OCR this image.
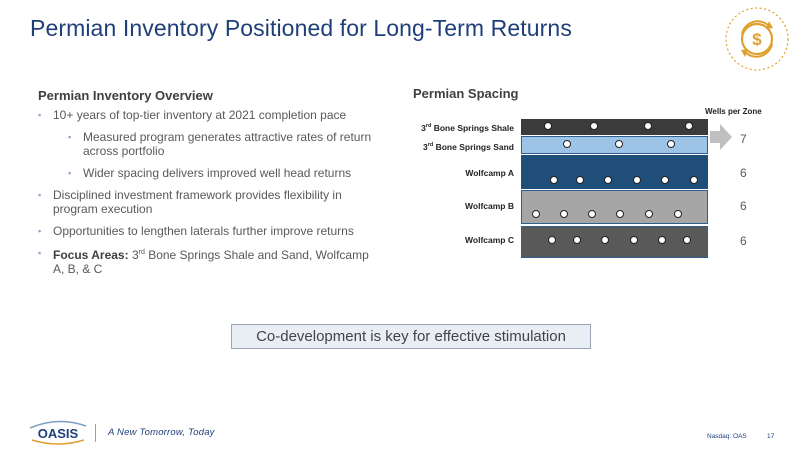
Permian Inventory Positioned for Long-Term Returns	$
Permian Inventory Overview
▪ 10+ years of top-tier inventory at 2021 completion pace
▪ Measured program generates attractive rates of return across portfolio
▪ Wider spacing delivers improved well head returns
▪ Disciplined investment framework provides flexibility in program execution
▪ Opportunities to lengthen laterals further improve returns
▪ Focus Areas: 3rd Bone Springs Shale and Sand, Wolfcamp A, B, & C
Permian Spacing
Wells per Zone
3rd Bone Springs Shale
3rd Bone Springs Sand
Wolfcamp A
Wolfcamp B
Wolfcamp C
7
6
6
6
Co-development is key for effective stimulation
OASIS	A New Tomorrow, Today	Nasdaq: OAS	17
